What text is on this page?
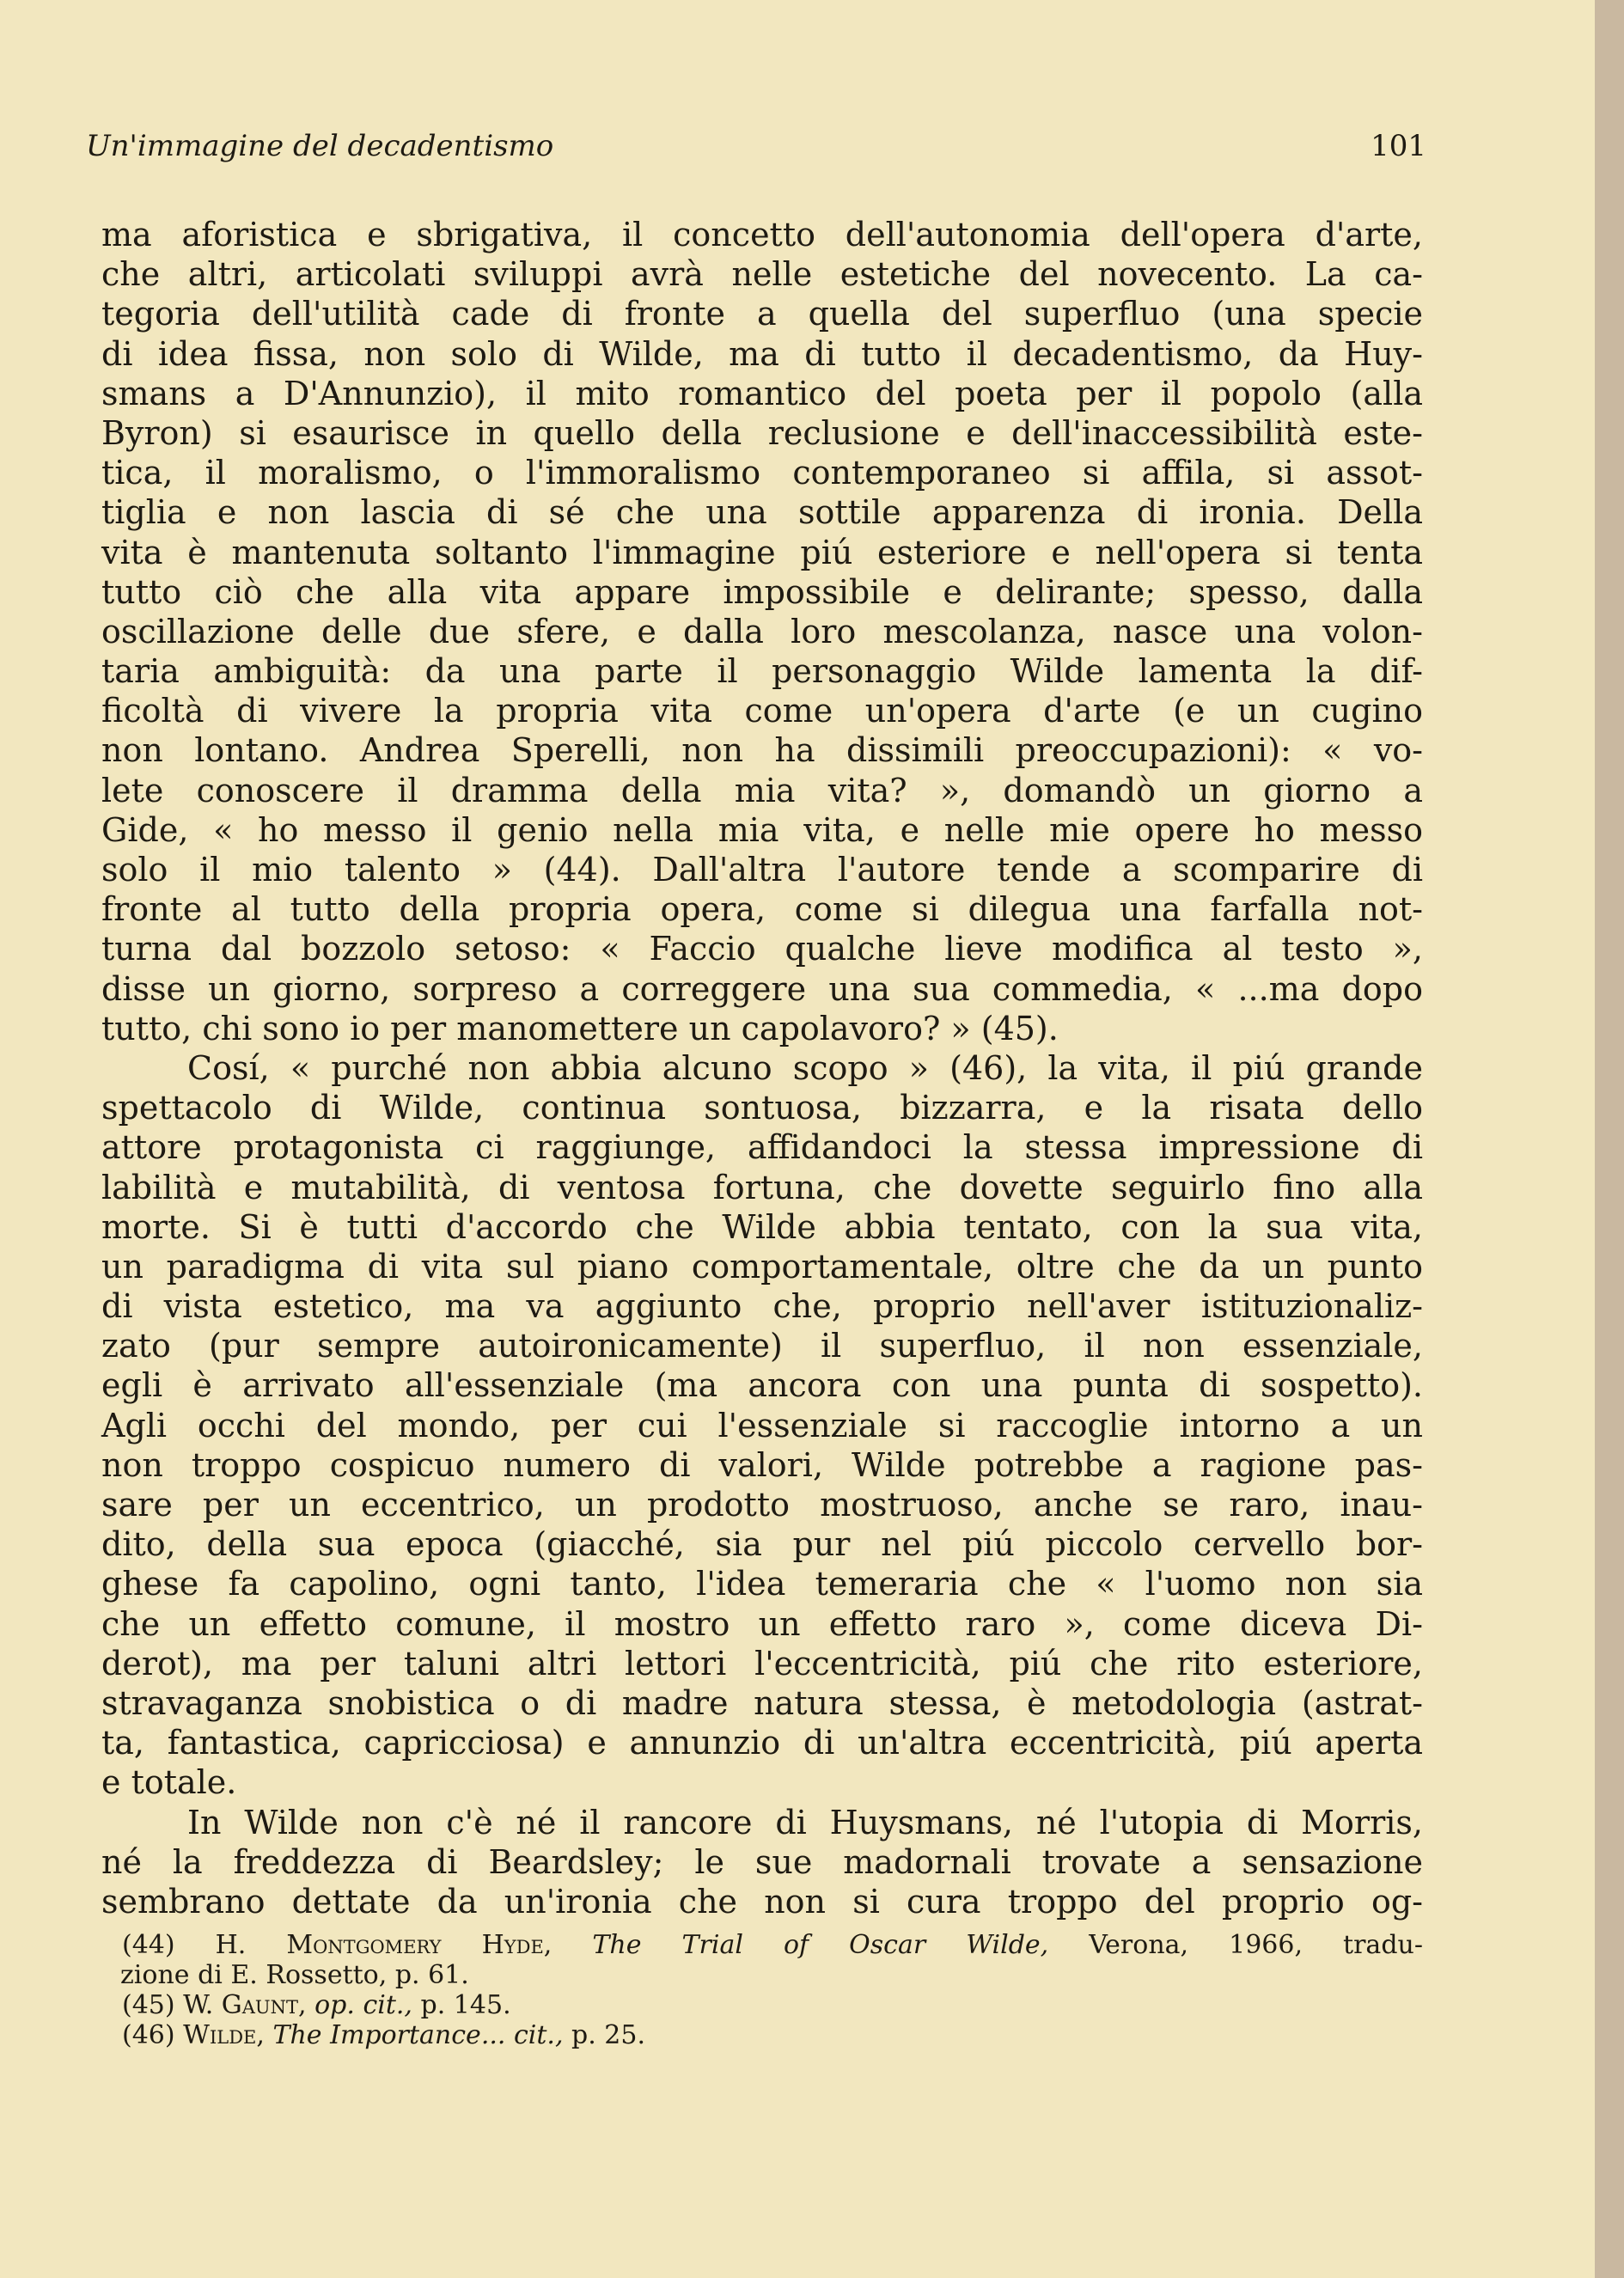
Un'immagine del decadentismo	101
ma aforistica e sbrigativa, il concetto dell'autonomia dell'opera d'arte,
che altri, articolati sviluppi avrà nelle estetiche del novecento. La ca-
tegoria dell'utilità cade di fronte a quella del superfluo (una specie
di idea fissa, non solo di Wilde, ma di tutto il decadentismo, da Huy-
smans a D'Annunzio), il mito romantico del poeta per il popolo (alla
Byron) si esaurisce in quello della reclusione e dell'inaccessibilità este-
tica, il moralismo, o l'immoralismo contemporaneo si affila, si assot-
tiglia e non lascia di sé che una sottile apparenza di ironia. Della
vita è mantenuta soltanto l'immagine piú esteriore e nell'opera si tenta
tutto ciò che alla vita appare impossibile e delirante; spesso, dalla
oscillazione delle due sfere, e dalla loro mescolanza, nasce una volon-
taria ambiguità: da una parte il personaggio Wilde lamenta la dif-
ficoltà di vivere la propria vita come un'opera d'arte (e un cugino
non lontano. Andrea Sperelli, non ha dissimili preoccupazioni): « vo-
lete conoscere il dramma della mia vita? », domandò un giorno a
Gide, « ho messo il genio nella mia vita, e nelle mie opere ho messo
solo il mio talento » (44). Dall'altra l'autore tende a scomparire di
fronte al tutto della propria opera, come si dilegua una farfalla not-
turna dal bozzolo setoso: « Faccio qualche lieve modifica al testo »,
disse un giorno, sorpreso a correggere una sua commedia, « ...ma dopo
tutto, chi sono io per manomettere un capolavoro? » (45).
Cosí, « purché non abbia alcuno scopo » (46), la vita, il piú grande
spettacolo di Wilde, continua sontuosa, bizzarra, e la risata dello
attore protagonista ci raggiunge, affidandoci la stessa impressione di
labilità e mutabilità, di ventosa fortuna, che dovette seguirlo fino alla
morte. Si è tutti d'accordo che Wilde abbia tentato, con la sua vita,
un paradigma di vita sul piano comportamentale, oltre che da un punto
di vista estetico, ma va aggiunto che, proprio nell'aver istituzionaliz-
zato (pur sempre autoironicamente) il superfluo, il non essenziale,
egli è arrivato all'essenziale (ma ancora con una punta di sospetto).
Agli occhi del mondo, per cui l'essenziale si raccoglie intorno a un
non troppo cospicuo numero di valori, Wilde potrebbe a ragione pas-
sare per un eccentrico, un prodotto mostruoso, anche se raro, inau-
dito, della sua epoca (giacché, sia pur nel piú piccolo cervello bor-
ghese fa capolino, ogni tanto, l'idea temeraria che « l'uomo non sia
che un effetto comune, il mostro un effetto raro », come diceva Di-
derot), ma per taluni altri lettori l'eccentricità, piú che rito esteriore,
stravaganza snobistica o di madre natura stessa, è metodologia (astrat-
ta, fantastica, capricciosa) e annunzio di un'altra eccentricità, piú aperta
e totale.
In Wilde non c'è né il rancore di Huysmans, né l'utopia di Morris,
né la freddezza di Beardsley; le sue madornali trovate a sensazione
sembrano dettate da un'ironia che non si cura troppo del proprio og-
(44) H. Montgomery Hyde, The Trial of Oscar Wilde, Verona, 1966, tradu-
zione di E. Rossetto, p. 61.
(45) W. Gaunt, op. cit., p. 145.
(46) Wilde, The Importance... cit., p. 25.
